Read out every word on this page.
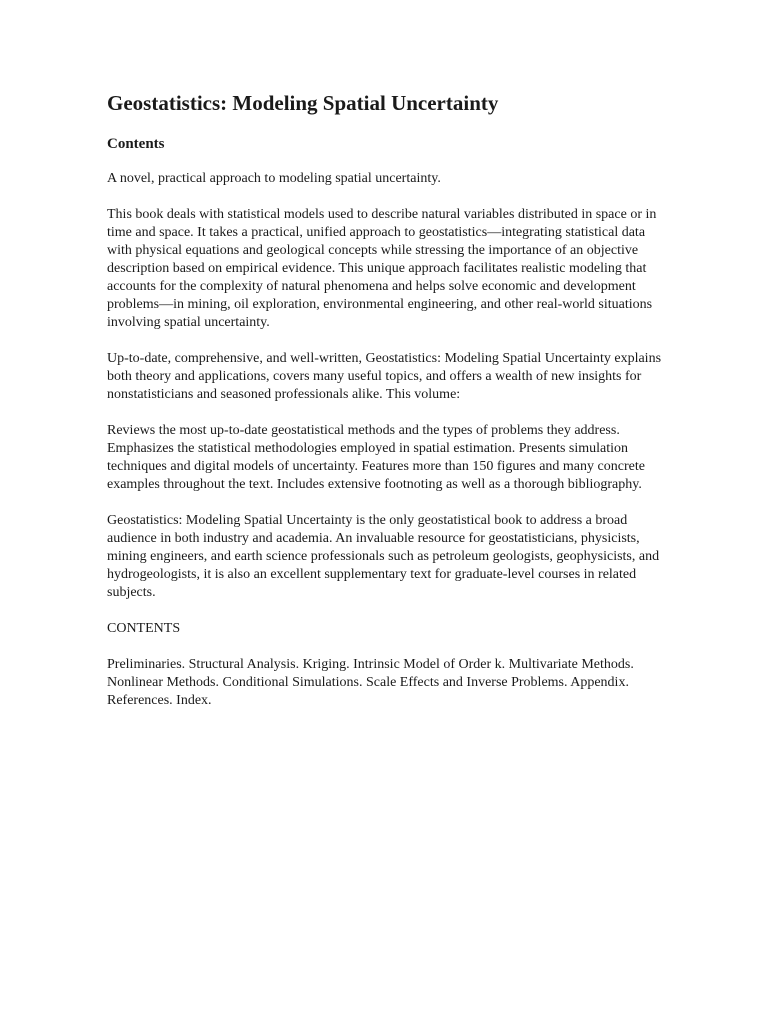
Geostatistics: Modeling Spatial Uncertainty
Contents

A novel, practical approach to modeling spatial uncertainty.

This book deals with statistical models used to describe natural variables distributed in space or in time and space. It takes a practical, unified approach to geostatistics—integrating statistical data with physical equations and geological concepts while stressing the importance of an objective description based on empirical evidence. This unique approach facilitates realistic modeling that accounts for the complexity of natural phenomena and helps solve economic and development problems—in mining, oil exploration, environmental engineering, and other real-world situations involving spatial uncertainty.

Up-to-date, comprehensive, and well-written, Geostatistics: Modeling Spatial Uncertainty explains both theory and applications, covers many useful topics, and offers a wealth of new insights for nonstatisticians and seasoned professionals alike. This volume:

Reviews the most up-to-date geostatistical methods and the types of problems they address. Emphasizes the statistical methodologies employed in spatial estimation. Presents simulation techniques and digital models of uncertainty. Features more than 150 figures and many concrete examples throughout the text. Includes extensive footnoting as well as a thorough bibliography.

Geostatistics: Modeling Spatial Uncertainty is the only geostatistical book to address a broad audience in both industry and academia. An invaluable resource for geostatisticians, physicists, mining engineers, and earth science professionals such as petroleum geologists, geophysicists, and hydrogeologists, it is also an excellent supplementary text for graduate-level courses in related subjects.

CONTENTS

Preliminaries. Structural Analysis. Kriging. Intrinsic Model of Order k. Multivariate Methods. Nonlinear Methods. Conditional Simulations. Scale Effects and Inverse Problems. Appendix. References. Index.
